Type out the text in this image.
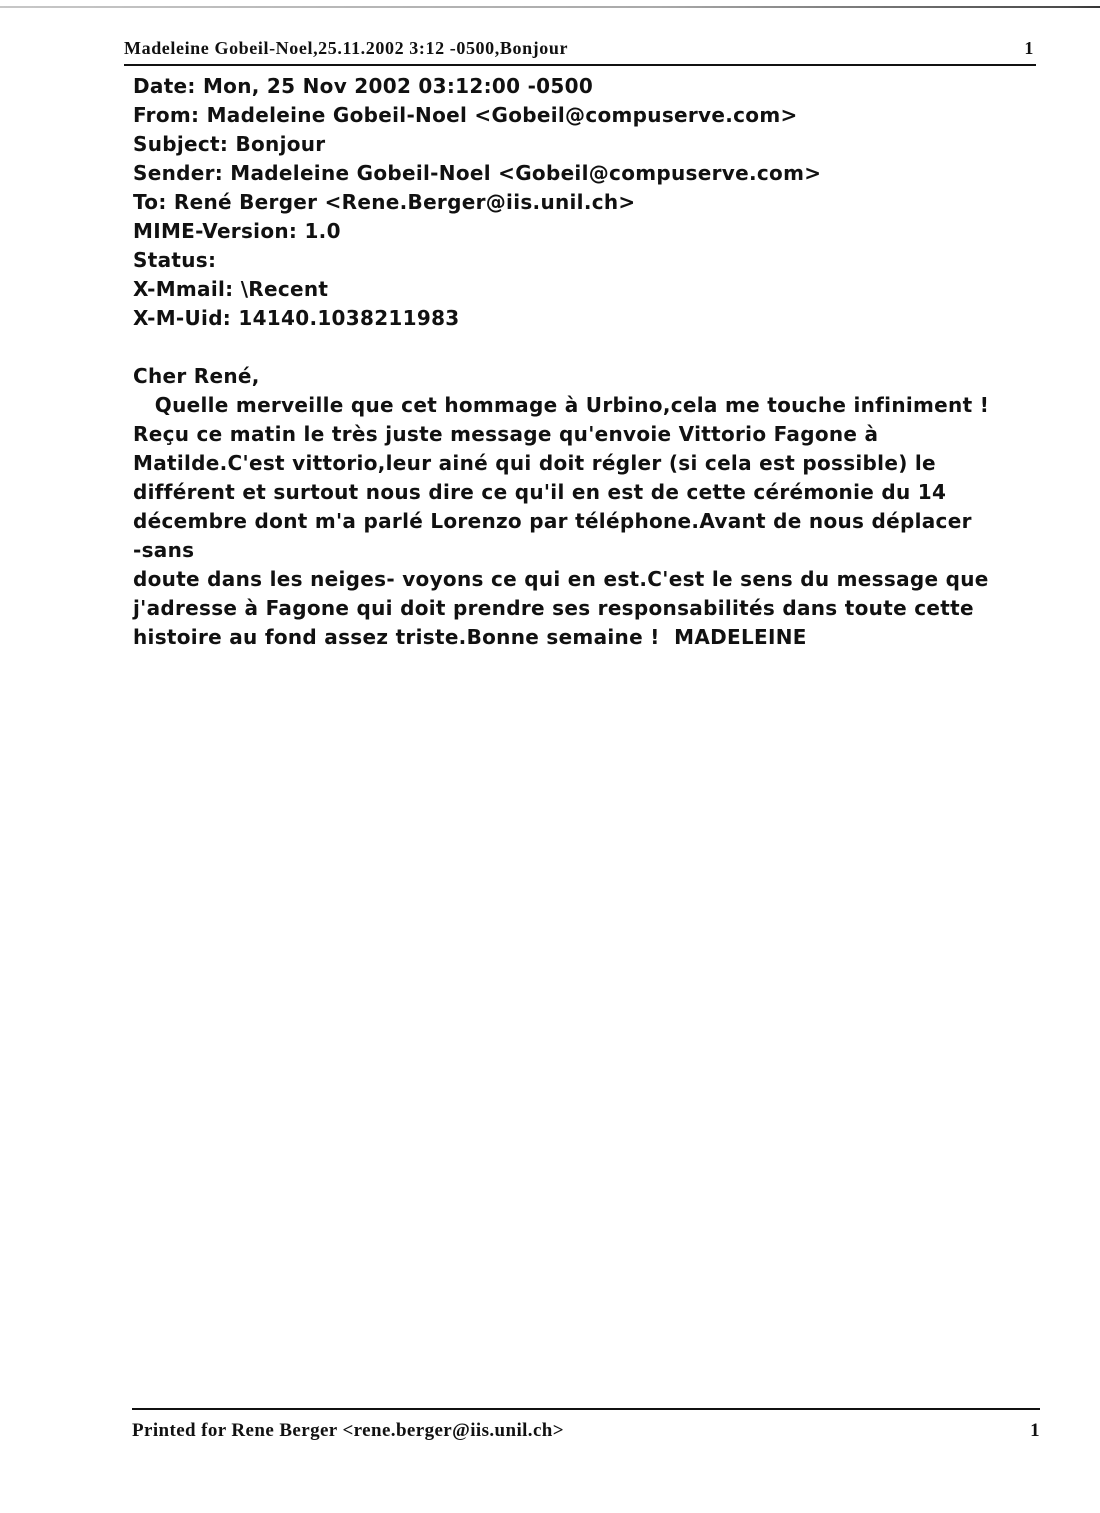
Madeleine Gobeil-Noel,25.11.2002 3:12 -0500,Bonjour	1
Date: Mon, 25 Nov 2002 03:12:00 -0500
From: Madeleine Gobeil-Noel <Gobeil@compuserve.com>
Subject: Bonjour
Sender: Madeleine Gobeil-Noel <Gobeil@compuserve.com>
To: René Berger <Rene.Berger@iis.unil.ch>
MIME-Version: 1.0
Status:
X-Mmail: \Recent
X-M-Uid: 14140.1038211983
Cher René,
Quelle merveille que cet hommage à Urbino,cela me touche infiniment !
Reçu ce matin le très juste message qu'envoie Vittorio Fagone à
Matilde.C'est vittorio,leur ainé qui doit régler (si cela est possible) le
différent et surtout nous dire ce qu'il en est de cette cérémonie du 14
décembre dont m'a parlé Lorenzo par téléphone.Avant de nous déplacer
-sans
doute dans les neiges- voyons ce qui en est.C'est le sens du message que
j'adresse à Fagone qui doit prendre ses responsabilités dans toute cette
histoire au fond assez triste.Bonne semaine !  MADELEINE
Printed for Rene Berger <rene.berger@iis.unil.ch>	1
